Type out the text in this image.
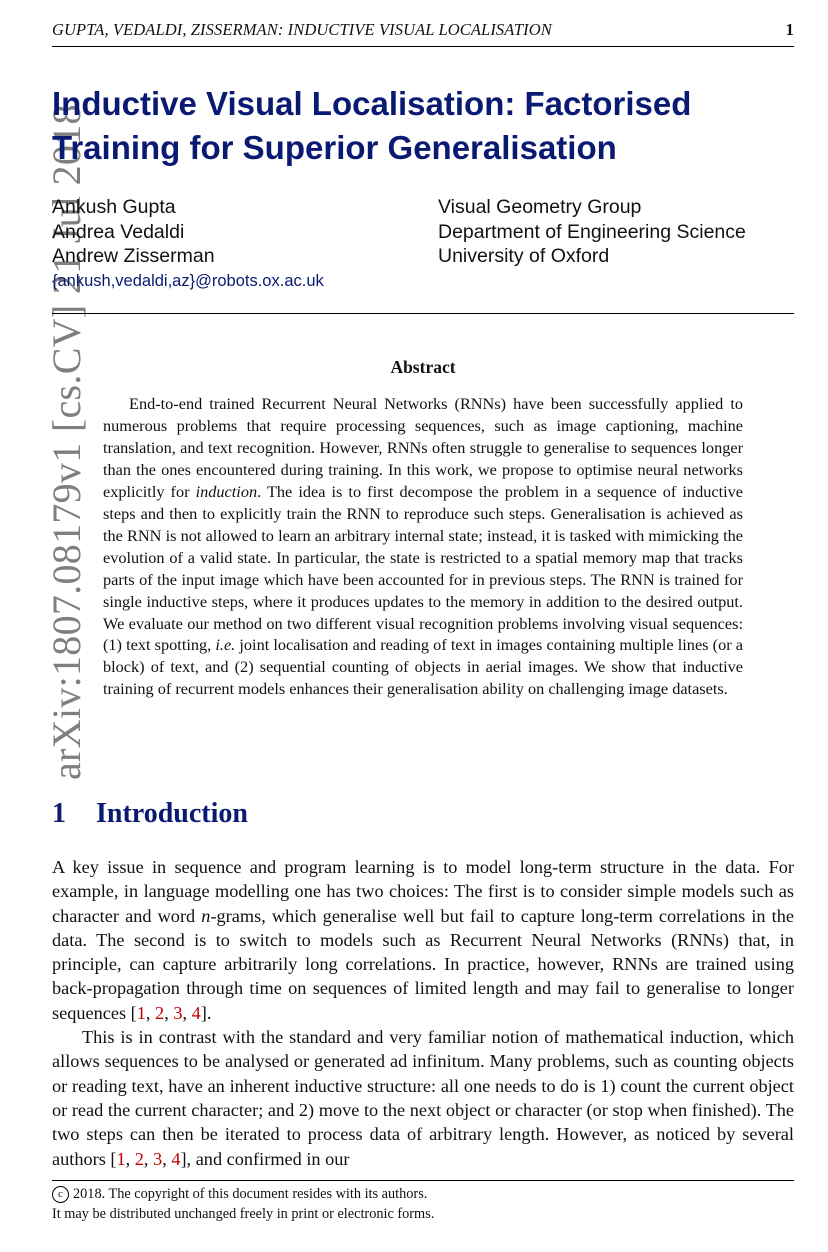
GUPTA, VEDALDI, ZISSERMAN: INDUCTIVE VISUAL LOCALISATION	1
arXiv:1807.08179v1 [cs.CV] 21 Jul 2018
Inductive Visual Localisation: Factorised
Training for Superior Generalisation
Ankush Gupta
Andrea Vedaldi
Andrew Zisserman
{ankush,vedaldi,az}@robots.ox.ac.uk
Visual Geometry Group
Department of Engineering Science
University of Oxford
Abstract

End-to-end trained Recurrent Neural Networks (RNNs) have been successfully applied to numerous problems that require processing sequences, such as image captioning, machine translation, and text recognition. However, RNNs often struggle to generalise to sequences longer than the ones encountered during training. In this work, we propose to optimise neural networks explicitly for induction. The idea is to first decompose the problem in a sequence of inductive steps and then to explicitly train the RNN to reproduce such steps. Generalisation is achieved as the RNN is not allowed to learn an arbitrary internal state; instead, it is tasked with mimicking the evolution of a valid state. In particular, the state is restricted to a spatial memory map that tracks parts of the input image which have been accounted for in previous steps. The RNN is trained for single inductive steps, where it produces updates to the memory in addition to the desired output. We evaluate our method on two different visual recognition problems involving visual sequences: (1) text spotting, i.e. joint localisation and reading of text in images containing multiple lines (or a block) of text, and (2) sequential counting of objects in aerial images. We show that inductive training of recurrent models enhances their generalisation ability on challenging image datasets.

1 Introduction

A key issue in sequence and program learning is to model long-term structure in the data. For example, in language modelling one has two choices: The first is to consider simple models such as character and word n-grams, which generalise well but fail to capture long-term correlations in the data. The second is to switch to models such as Recurrent Neural Networks (RNNs) that, in principle, can capture arbitrarily long correlations. In practice, however, RNNs are trained using back-propagation through time on sequences of limited length and may fail to generalise to longer sequences [1, 2, 3, 4].

This is in contrast with the standard and very familiar notion of mathematical induction, which allows sequences to be analysed or generated ad infinitum. Many problems, such as counting objects or reading text, have an inherent inductive structure: all one needs to do is 1) count the current object or read the current character; and 2) move to the next object or character (or stop when finished). The two steps can then be iterated to process data of arbitrary length. However, as noticed by several authors [1, 2, 3, 4], and confirmed in our

c 2018. The copyright of this document resides with its authors.
It may be distributed unchanged freely in print or electronic forms.
